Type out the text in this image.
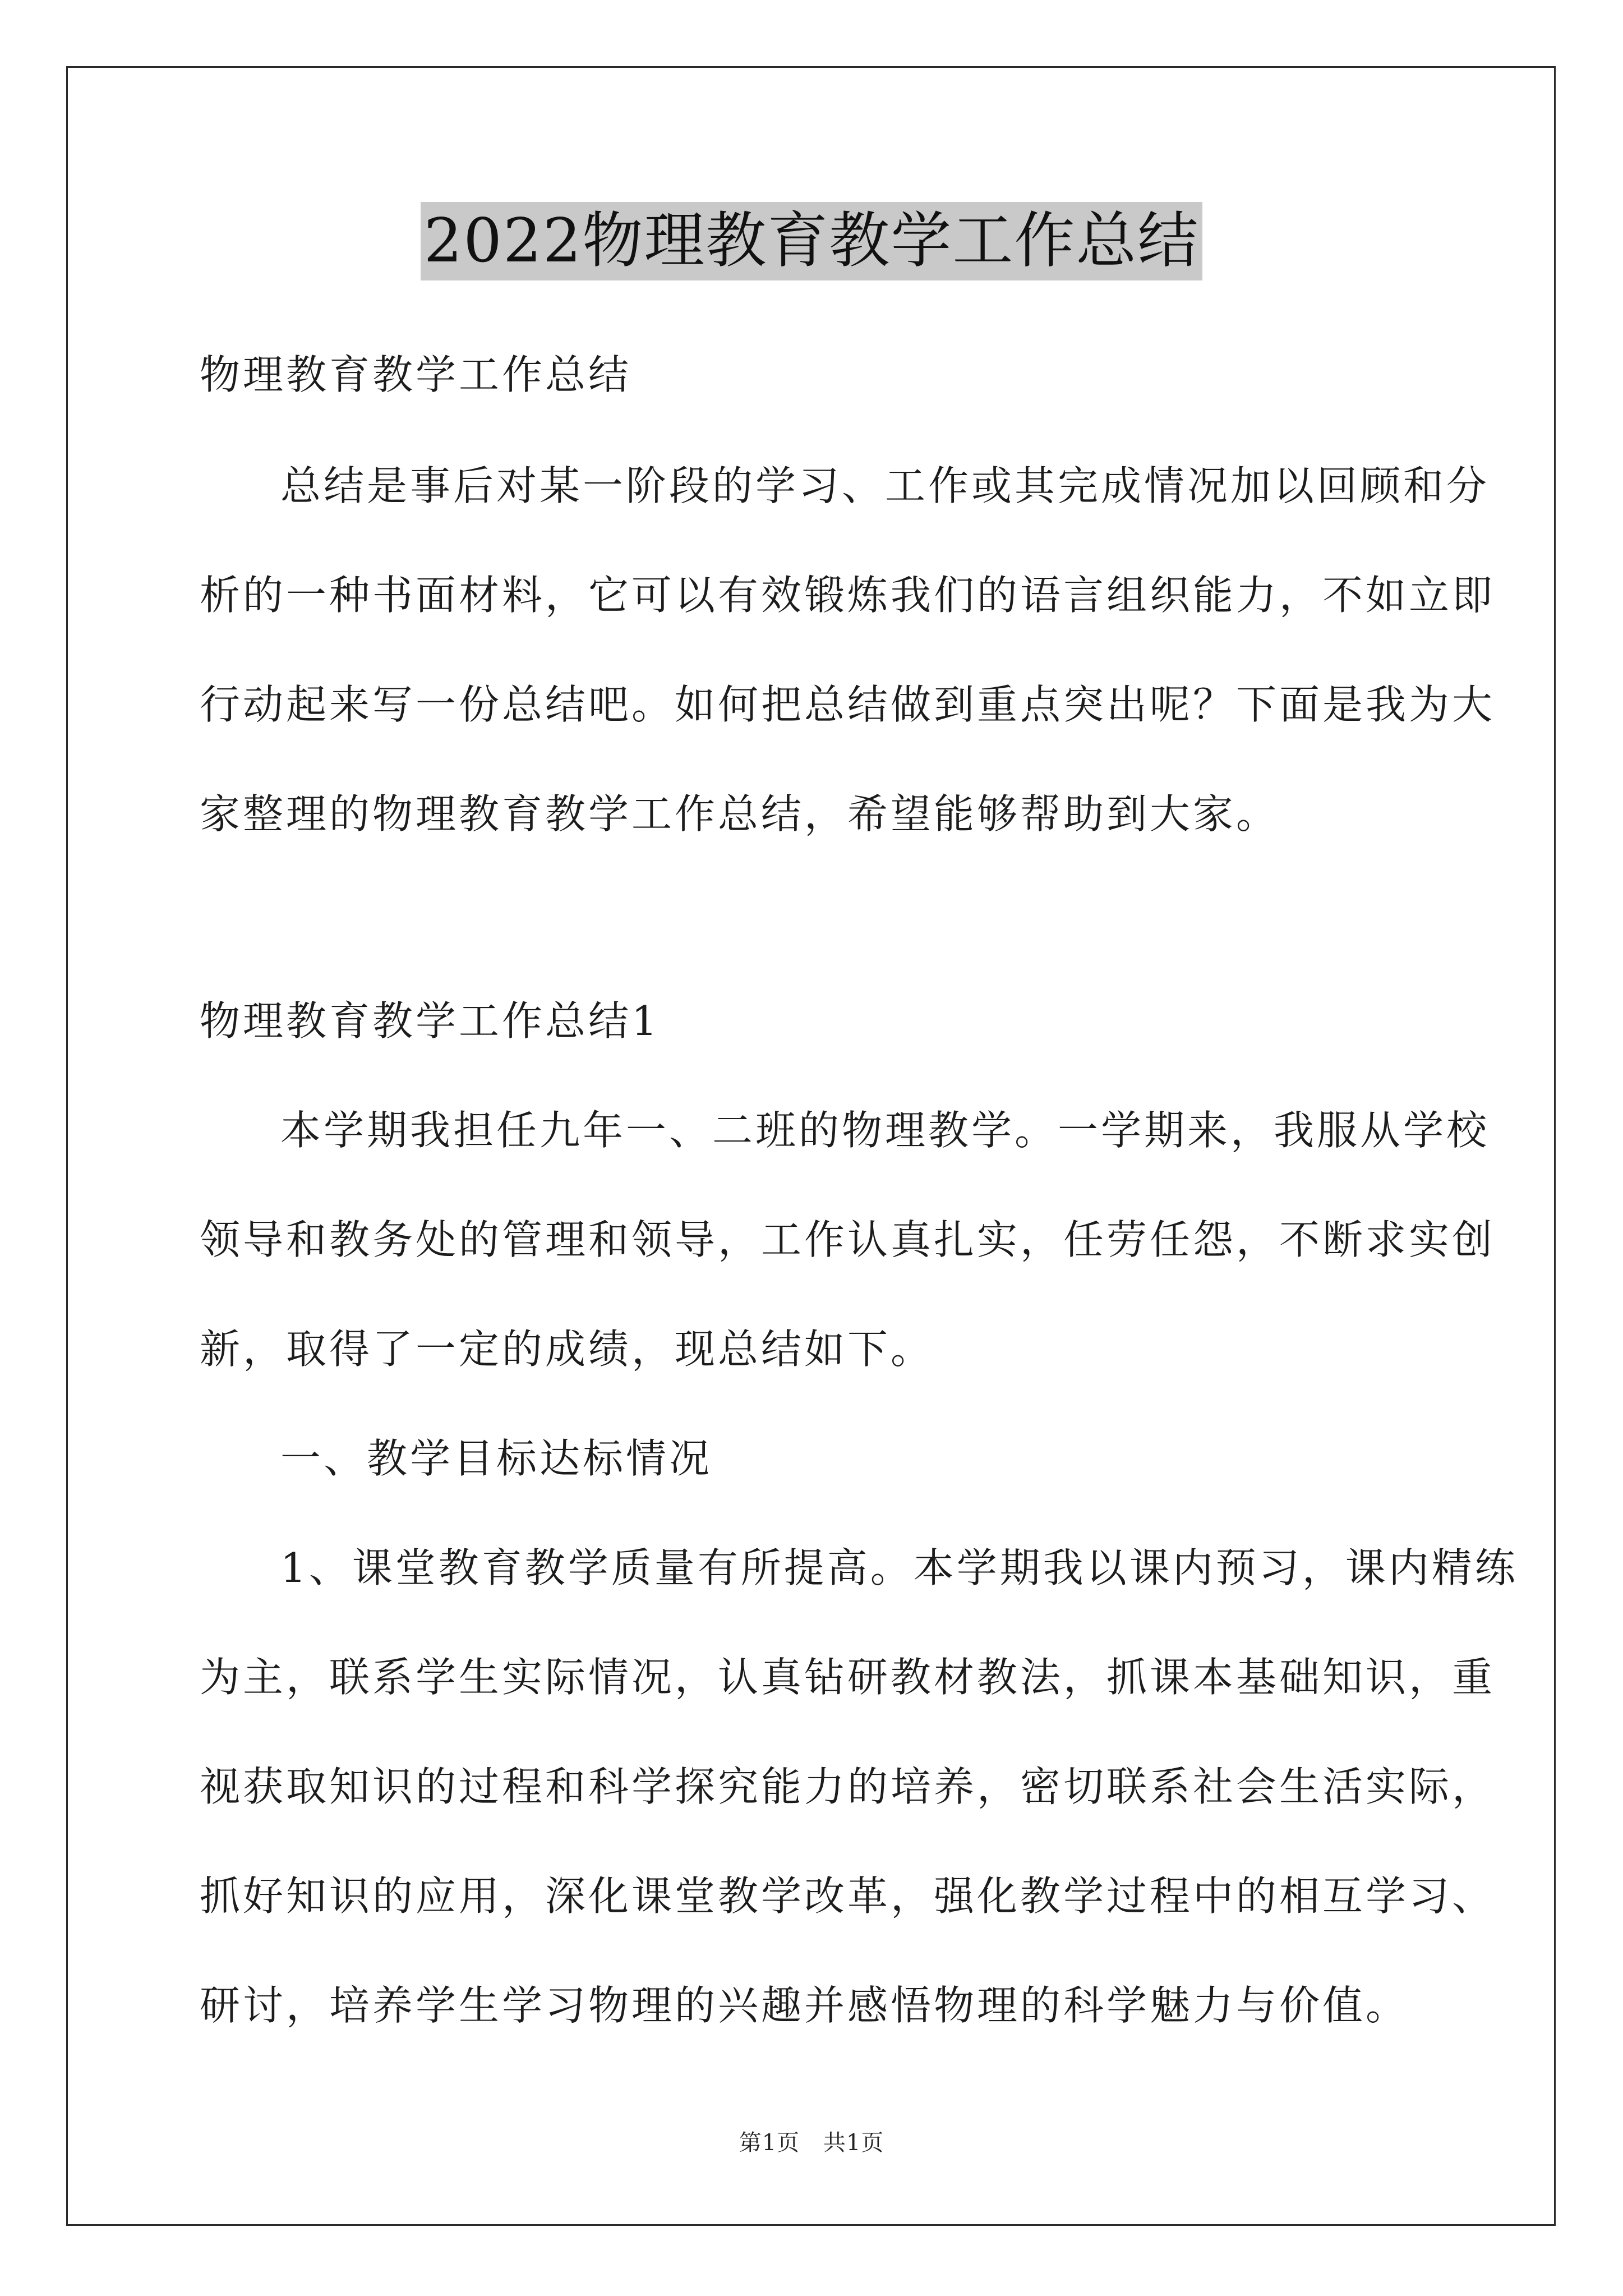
2022物理教育教学工作总结
物理教育教学工作总结
总结是事后对某一阶段的学习、工作或其完成情况加以回顾和分
析的一种书面材料，它可以有效锻炼我们的语言组织能力，不如立即
行动起来写一份总结吧。如何把总结做到重点突出呢？下面是我为大
家整理的物理教育教学工作总结，希望能够帮助到大家。
物理教育教学工作总结1
本学期我担任九年一、二班的物理教学。一学期来，我服从学校
领导和教务处的管理和领导，工作认真扎实，任劳任怨，不断求实创
新，取得了一定的成绩，现总结如下。
一、教学目标达标情况
1、课堂教育教学质量有所提高。本学期我以课内预习，课内精练
为主，联系学生实际情况，认真钻研教材教法，抓课本基础知识，重
视获取知识的过程和科学探究能力的培养，密切联系社会生活实际，
抓好知识的应用，深化课堂教学改革，强化教学过程中的相互学习、
研讨，培养学生学习物理的兴趣并感悟物理的科学魅力与价值。
第1页 共1页
